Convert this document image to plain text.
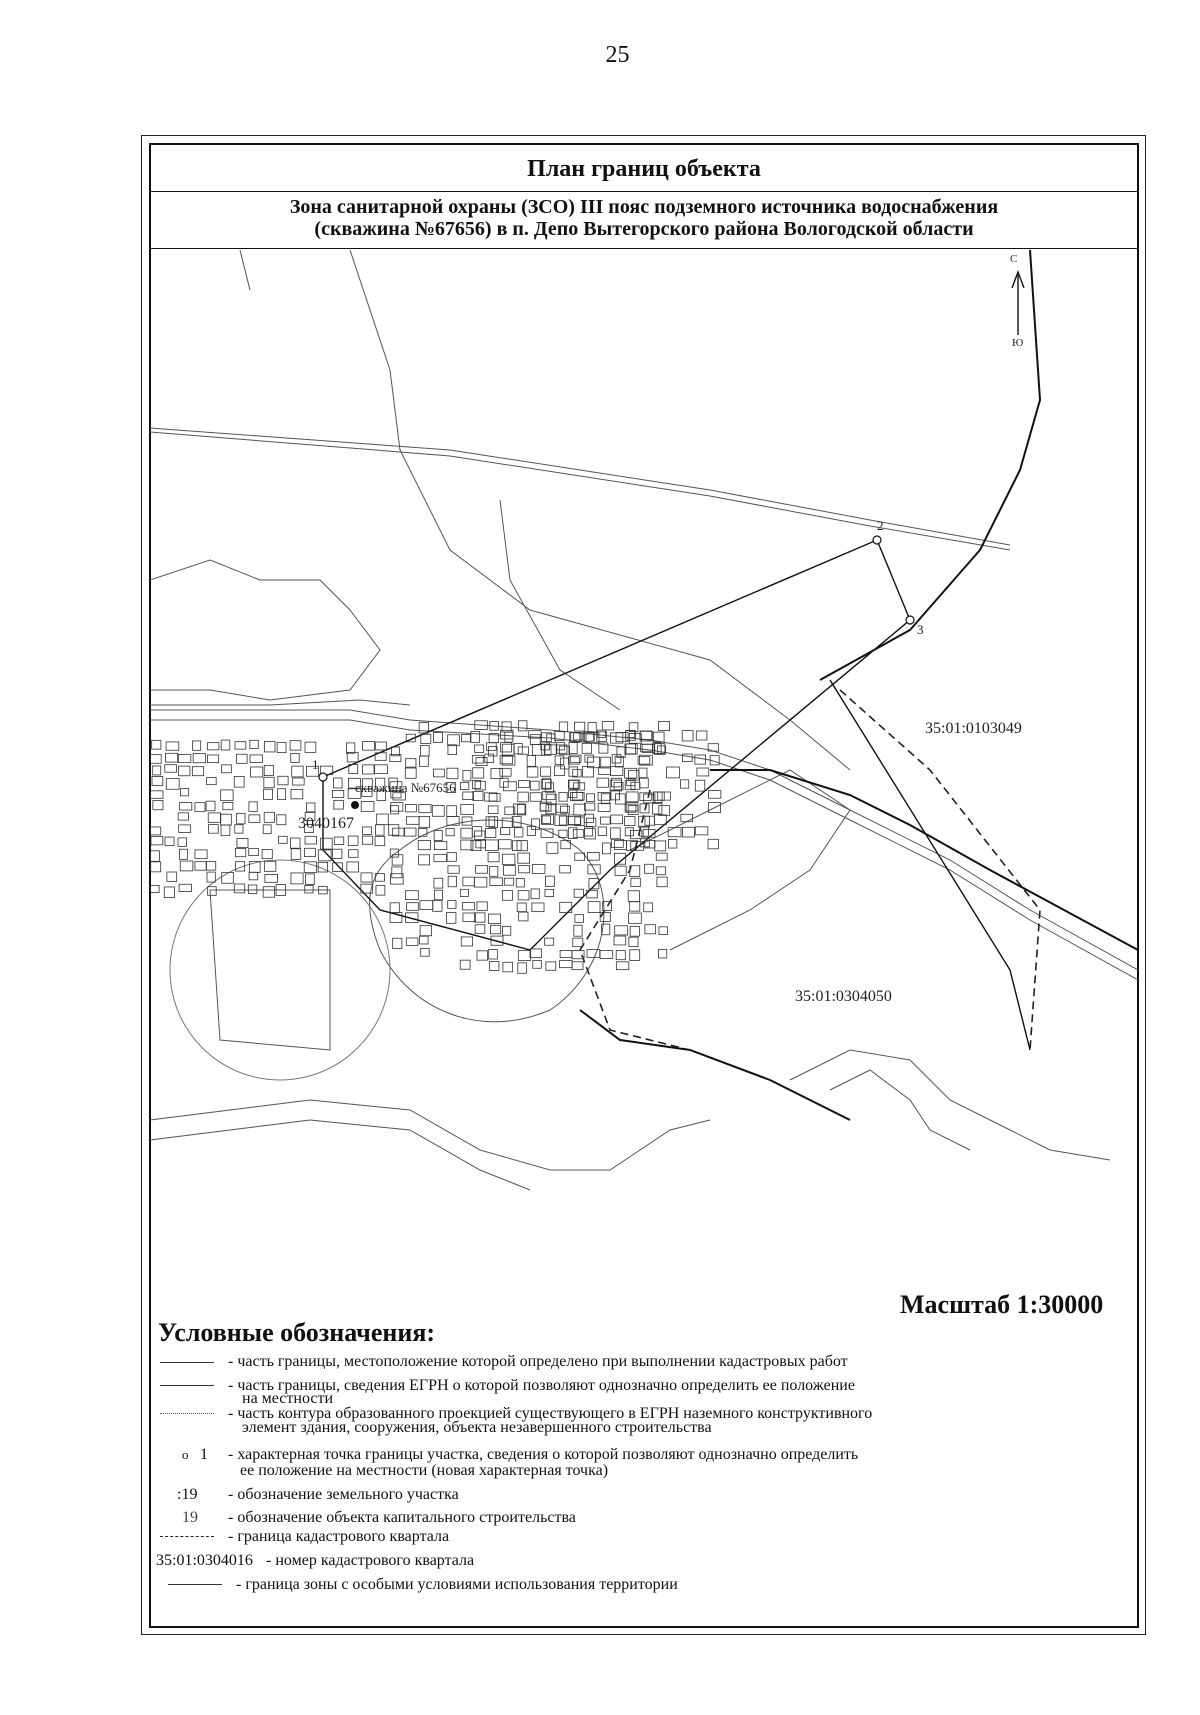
25
План границ объекта
Зона санитарной охраны (ЗСО) III пояс подземного источника водоснабжения
(скважина №67656) в п. Депо Вытегорского района Вологодской области
С
Ю
35:01:0103049
35:01:0304050
3040167
скважина №67656
1
2
3
Масштаб 1:30000
Условные обозначения:
- часть границы, местоположение которой определено при выполнении кадастровых работ
- часть границы, сведения ЕГРН о которой позволяют однозначно определить ее положение
на местности
- часть контура образованного проекцией существующего в ЕГРН наземного конструктивного
элемент здания, сооружения, объекта незавершенного строительства
o 1 - характерная точка границы участка, сведения о которой позволяют однозначно определить
ее положение на местности (новая характерная точка)
:19 - обозначение земельного участка
19 - обозначение объекта капитального строительства
- граница кадастрового квартала
35:01:0304016 - номер кадастрового квартала
- граница зоны с особыми условиями использования территории
